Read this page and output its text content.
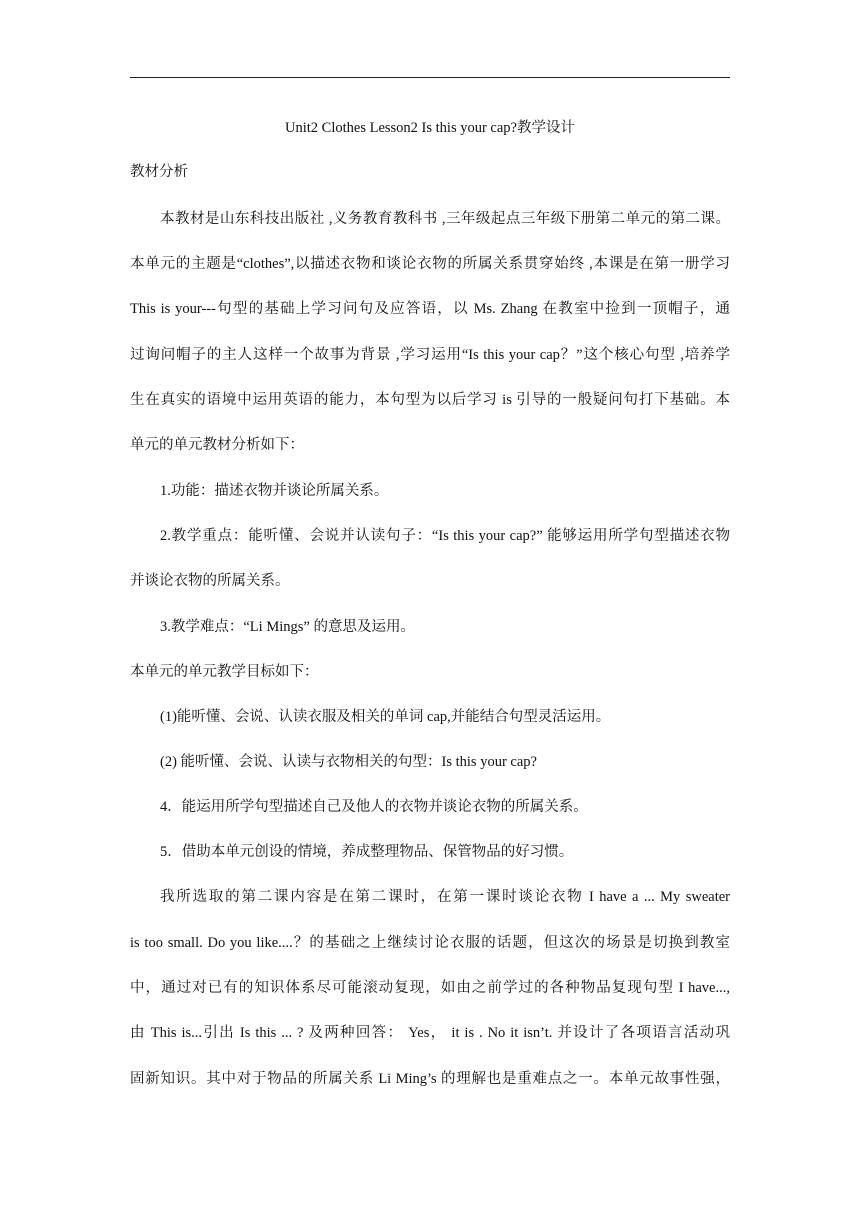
Unit2 Clothes Lesson2 Is this your cap?教学设计
教材分析
本教材是山东科技出版社 ,义务教育教科书 ,三年级起点三年级下册第二单元的第二课。
本单元的主题是“clothes”,以描述衣物和谈论衣物的所属关系贯穿始终 ,本课是在第一册学习
This is your---句型的基础上学习问句及应答语，以 Ms. Zhang 在教室中捡到一顶帽子，通
过询问帽子的主人这样一个故事为背景 ,学习运用“Is this your cap？”这个核心句型 ,培养学
生在真实的语境中运用英语的能力，本句型为以后学习 is 引导的一般疑问句打下基础。本
单元的单元教材分析如下：
1.功能：描述衣物并谈论所属关系。
2.教学重点：能听懂、会说并认读句子：“Is this your cap?” 能够运用所学句型描述衣物
并谈论衣物的所属关系。
3.教学难点：“Li Mings” 的意思及运用。
本单元的单元教学目标如下：
(1)能听懂、会说、认读衣服及相关的单词 cap,并能结合句型灵活运用。
(2) 能听懂、会说、认读与衣物相关的句型：Is this your cap?
4．能运用所学句型描述自己及他人的衣物并谈论衣物的所属关系。
5．借助本单元创设的情境，养成整理物品、保管物品的好习惯。
我所选取的第二课内容是在第二课时，在第一课时谈论衣物 I have a ... My sweater
is too small. Do you like....？的基础之上继续讨论衣服的话题，但这次的场景是切换到教室
中，通过对已有的知识体系尽可能滚动复现，如由之前学过的各种物品复现句型 I have...,
由 This is...引出 Is this ... ? 及两种回答： Yes， it is . No it isn’t. 并设计了各项语言活动巩
固新知识。其中对于物品的所属关系 Li Ming’s 的理解也是重难点之一。本单元故事性强，
